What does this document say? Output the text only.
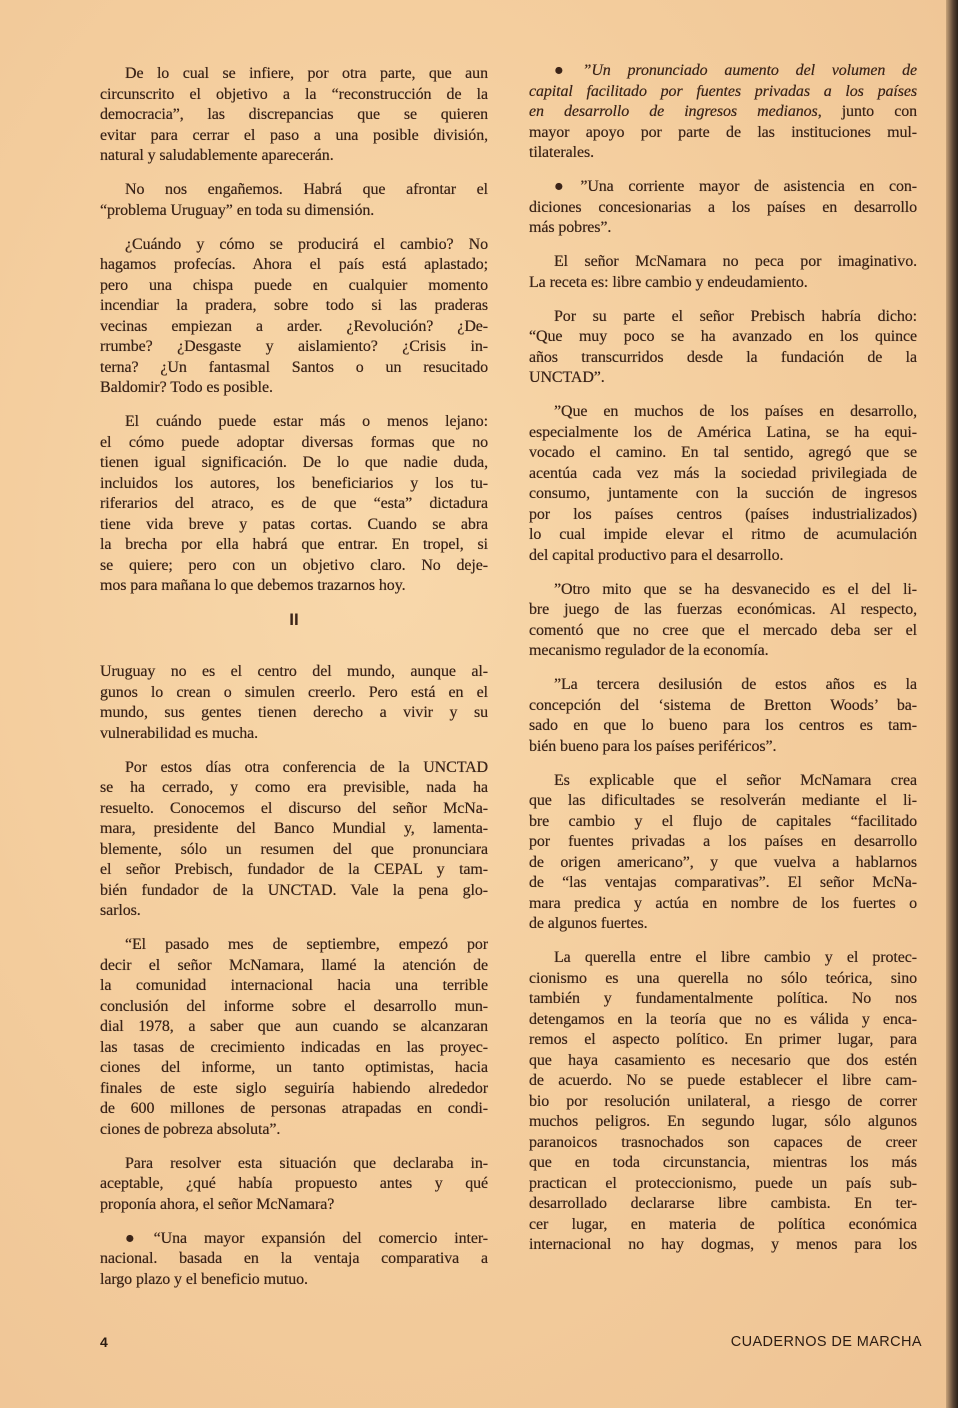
De lo cual se infiere, por otra parte, que aun
circunscrito el objetivo a la “reconstrucción de la
democracia”, las discrepancias que se quieren
evitar para cerrar el paso a una posible división,
natural y saludablemente aparecerán.
No nos engañemos. Habrá que afrontar el
“problema Uruguay” en toda su dimensión.
¿Cuándo y cómo se producirá el cambio? No
hagamos profecías. Ahora el país está aplastado;
pero una chispa puede en cualquier momento
incendiar la pradera, sobre todo si las praderas
vecinas empiezan a arder. ¿Revolución? ¿De-
rrumbe? ¿Desgaste y aislamiento? ¿Crisis in-
terna? ¿Un fantasmal Santos o un resucitado
Baldomir? Todo es posible.
El cuándo puede estar más o menos lejano:
el cómo puede adoptar diversas formas que no
tienen igual significación. De lo que nadie duda,
incluidos los autores, los beneficiarios y los tu-
riferarios del atraco, es de que “esta” dictadura
tiene vida breve y patas cortas. Cuando se abra
la brecha por ella habrá que entrar. En tropel, si
se quiere; pero con un objetivo claro. No deje-
mos para mañana lo que debemos trazarnos hoy.
II
Uruguay no es el centro del mundo, aunque al-
gunos lo crean o simulen creerlo. Pero está en el
mundo, sus gentes tienen derecho a vivir y su
vulnerabilidad es mucha.
Por estos días otra conferencia de la UNCTAD
se ha cerrado, y como era previsible, nada ha
resuelto. Conocemos el discurso del señor McNa-
mara, presidente del Banco Mundial y, lamenta-
blemente, sólo un resumen del que pronunciara
el señor Prebisch, fundador de la CEPAL y tam-
bién fundador de la UNCTAD. Vale la pena glo-
sarlos.
“El pasado mes de septiembre, empezó por
decir el señor McNamara, llamé la atención de
la comunidad internacional hacia una terrible
conclusión del informe sobre el desarrollo mun-
dial 1978, a saber que aun cuando se alcanzaran
las tasas de crecimiento indicadas en las proyec-
ciones del informe, un tanto optimistas, hacia
finales de este siglo seguiría habiendo alrededor
de 600 millones de personas atrapadas en condi-
ciones de pobreza absoluta”.
Para resolver esta situación que declaraba in-
aceptable, ¿qué había propuesto antes y qué
proponía ahora, el señor McNamara?
● “Una mayor expansión del comercio inter-
nacional. basada en la ventaja comparativa a
largo plazo y el beneficio mutuo.
● ”Un pronunciado aumento del volumen de
capital facilitado por fuentes privadas a los países
en desarrollo de ingresos medianos, junto con
mayor apoyo por parte de las instituciones mul-
tilaterales.
● ”Una corriente mayor de asistencia en con-
diciones concesionarias a los países en desarrollo
más pobres”.
El señor McNamara no peca por imaginativo.
La receta es: libre cambio y endeudamiento.
Por su parte el señor Prebisch habría dicho:
“Que muy poco se ha avanzado en los quince
años transcurridos desde la fundación de la
UNCTAD”.
”Que en muchos de los países en desarrollo,
especialmente los de América Latina, se ha equi-
vocado el camino. En tal sentido, agregó que se
acentúa cada vez más la sociedad privilegiada de
consumo, juntamente con la succión de ingresos
por los países centros (países industrializados)
lo cual impide elevar el ritmo de acumulación
del capital productivo para el desarrollo.
”Otro mito que se ha desvanecido es el del li-
bre juego de las fuerzas económicas. Al respecto,
comentó que no cree que el mercado deba ser el
mecanismo regulador de la economía.
”La tercera desilusión de estos años es la
concepción del ‘sistema de Bretton Woods’ ba-
sado en que lo bueno para los centros es tam-
bién bueno para los países periféricos”.
Es explicable que el señor McNamara crea
que las dificultades se resolverán mediante el li-
bre cambio y el flujo de capitales “facilitado
por fuentes privadas a los países en desarrollo
de origen americano”, y que vuelva a hablarnos
de “las ventajas comparativas”. El señor McNa-
mara predica y actúa en nombre de los fuertes o
de algunos fuertes.
La querella entre el libre cambio y el protec-
cionismo es una querella no sólo teórica, sino
también y fundamentalmente política. No nos
detengamos en la teoría que no es válida y enca-
remos el aspecto político. En primer lugar, para
que haya casamiento es necesario que dos estén
de acuerdo. No se puede establecer el libre cam-
bio por resolución unilateral, a riesgo de correr
muchos peligros. En segundo lugar, sólo algunos
paranoicos trasnochados son capaces de creer
que en toda circunstancia, mientras los más
practican el proteccionismo, puede un país sub-
desarrollado declararse libre cambista. En ter-
cer lugar, en materia de política económica
internacional no hay dogmas, y menos para los
4	CUADERNOS DE MARCHA
